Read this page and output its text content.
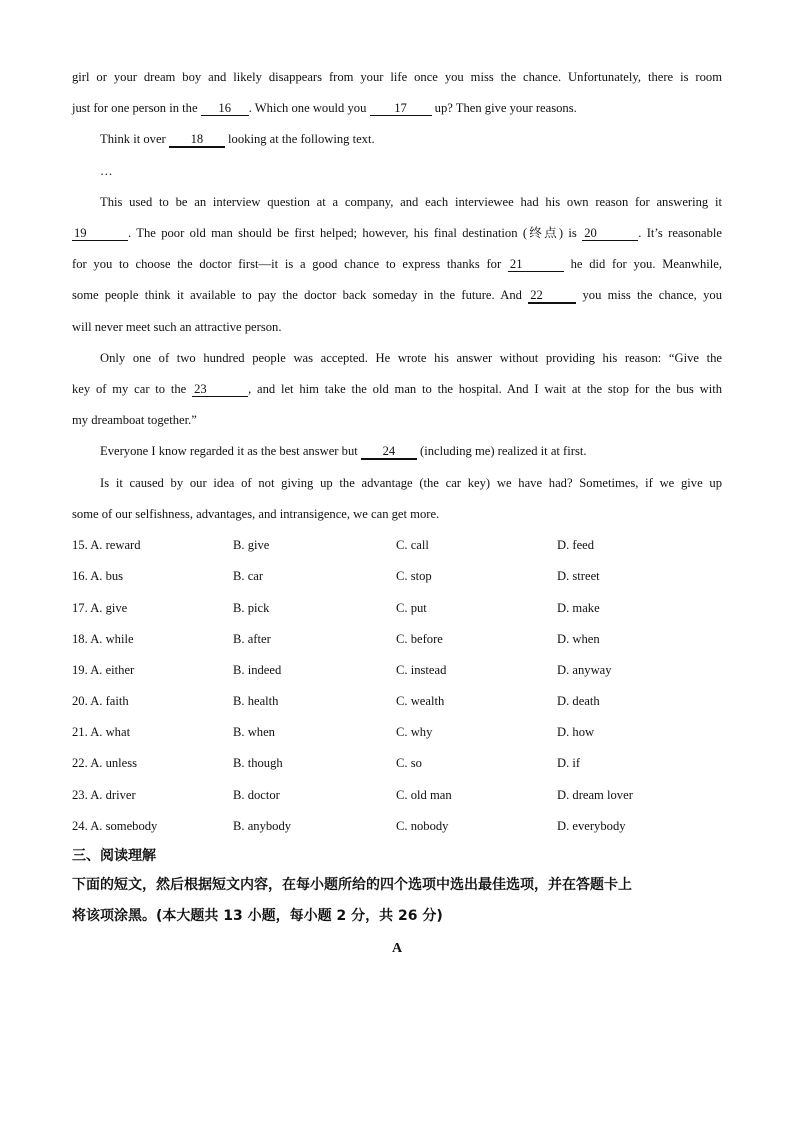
girl or your dream boy and likely disappears from your life once you miss the chance. Unfortunately, there is room

just for one person in the 16 . Which one would you 17 up? Then give your reasons.

Think it over 18 looking at the following text.

…

This used to be an interview question at a company, and each interviewee had his own reason for answering it

19	. The poor old man should be first helped; however, his final destination (终点) is 20	. It’s reasonable

for you to choose the doctor first—it is a good chance to express thanks for 21	he did for you. Meanwhile,

some people think it available to pay the doctor back someday in the future. And 22	you miss the chance, you

will never meet such an attractive person.

Only one of two hundred people was accepted. He wrote his answer without providing his reason: “Give the

key of my car to the 23	, and let him take the old man to the hospital. And I wait at the stop for the bus with

my dreamboat together.”

Everyone I know regarded it as the best answer but 24 (including me) realized it at first.

Is it caused by our idea of not giving up the advantage (the car key) we have had? Sometimes, if we give up

some of our selfishness, advantages, and intransigence, we can get more.

15. A. reward	B. give	C. call	D. feed
16. A. bus	B. car	C. stop	D. street
17. A. give	B. pick	C. put	D. make
18. A. while	B. after	C. before	D. when
19. A. either	B. indeed	C. instead	D. anyway
20. A. faith	B. health	C. wealth	D. death
21. A. what	B. when	C. why	D. how
22. A. unless	B. though	C. so	D. if
23. A. driver	B. doctor	C. old man	D. dream lover
24. A. somebody	B. anybody	C. nobody	D. everybody

三、阅读理解

下面的短文，然后根据短文内容，在每小题所给的四个选项中选出最佳选项，并在答题卡上

将该项涂黑。(本大题共 13 小题，每小题 2 分，共 26 分)

A
